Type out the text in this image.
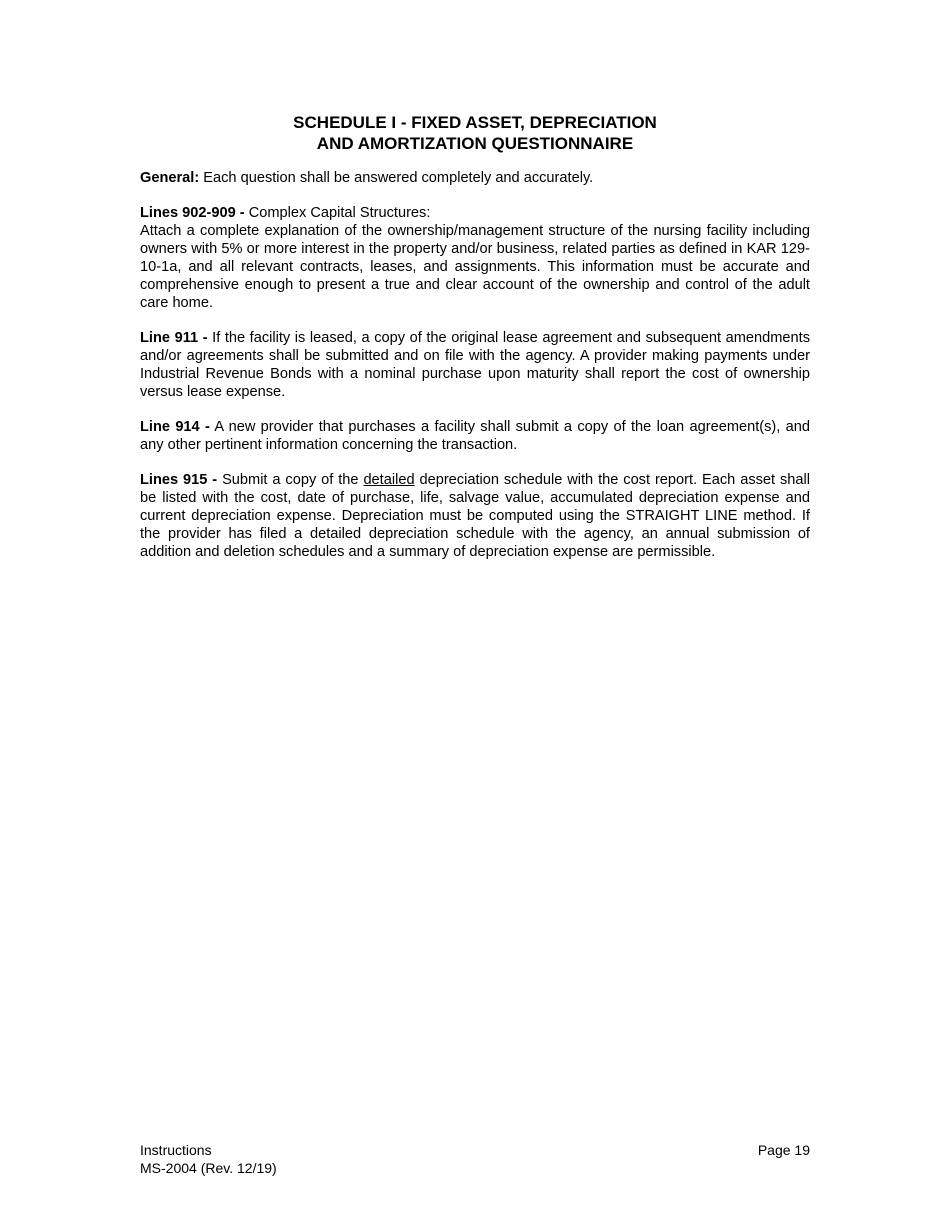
SCHEDULE I - FIXED ASSET, DEPRECIATION
AND AMORTIZATION QUESTIONNAIRE

General: Each question shall be answered completely and accurately.

Lines 902-909 - Complex Capital Structures:
Attach a complete explanation of the ownership/management structure of the nursing facility including owners with 5% or more interest in the property and/or business, related parties as defined in KAR 129-10-1a, and all relevant contracts, leases, and assignments. This information must be accurate and comprehensive enough to present a true and clear account of the ownership and control of the adult care home.

Line 911 - If the facility is leased, a copy of the original lease agreement and subsequent amendments and/or agreements shall be submitted and on file with the agency. A provider making payments under Industrial Revenue Bonds with a nominal purchase upon maturity shall report the cost of ownership versus lease expense.

Line 914 - A new provider that purchases a facility shall submit a copy of the loan agreement(s), and any other pertinent information concerning the transaction.

Lines 915 - Submit a copy of the detailed depreciation schedule with the cost report. Each asset shall be listed with the cost, date of purchase, life, salvage value, accumulated depreciation expense and current depreciation expense. Depreciation must be computed using the STRAIGHT LINE method. If the provider has filed a detailed depreciation schedule with the agency, an annual submission of addition and deletion schedules and a summary of depreciation expense are permissible.

Instructions
MS-2004 (Rev. 12/19)
Page 19
